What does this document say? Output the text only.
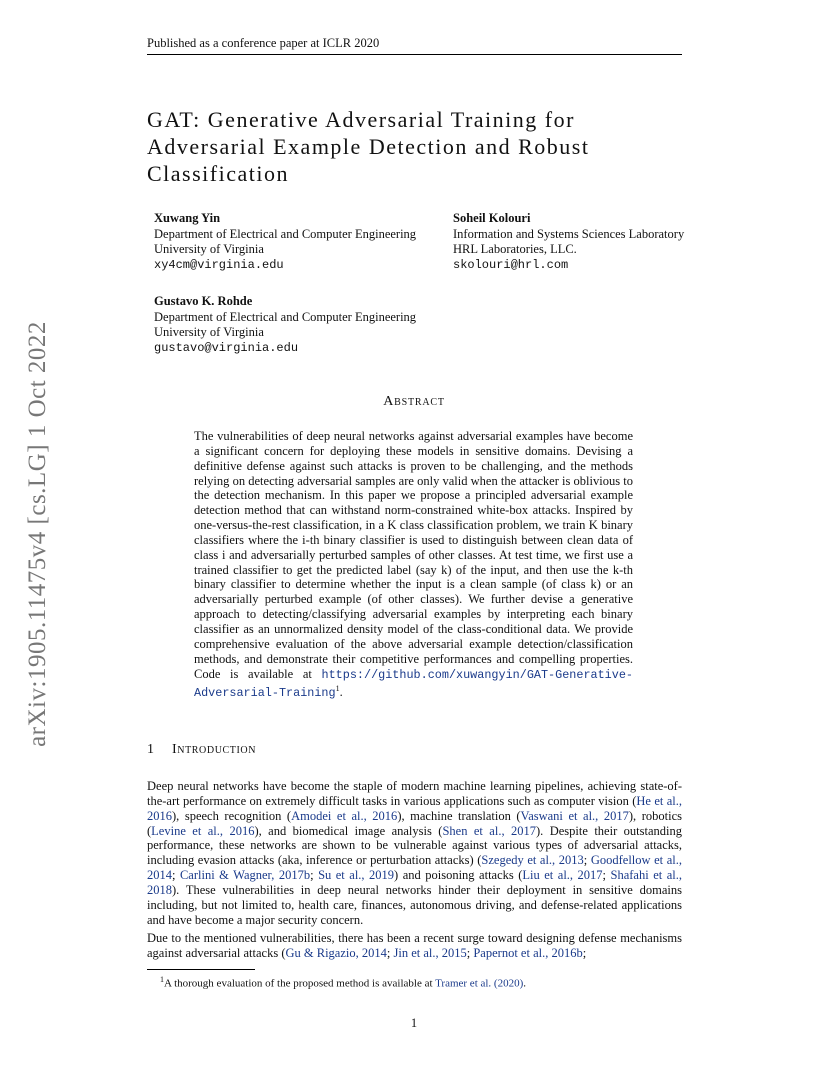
Published as a conference paper at ICLR 2020
arXiv:1905.11475v4 [cs.LG] 1 Oct 2022
GAT: Generative Adversarial Training for
Adversarial Example Detection and Robust
Classification
Xuwang Yin
Department of Electrical and Computer Engineering
University of Virginia
xy4cm@virginia.edu
Soheil Kolouri
Information and Systems Sciences Laboratory
HRL Laboratories, LLC.
skolouri@hrl.com
Gustavo K. Rohde
Department of Electrical and Computer Engineering
University of Virginia
gustavo@virginia.edu
Abstract
The vulnerabilities of deep neural networks against adversarial examples have become a significant concern for deploying these models in sensitive domains. Devising a definitive defense against such attacks is proven to be challenging, and the methods relying on detecting adversarial samples are only valid when the attacker is oblivious to the detection mechanism. In this paper we propose a principled adversarial example detection method that can withstand norm-constrained white-box attacks. Inspired by one-versus-the-rest classification, in a K class classification problem, we train K binary classifiers where the i-th binary classifier is used to distinguish between clean data of class i and adversarially perturbed samples of other classes. At test time, we first use a trained classifier to get the predicted label (say k) of the input, and then use the k-th binary classifier to determine whether the input is a clean sample (of class k) or an adversarially perturbed example (of other classes). We further devise a generative approach to detecting/classifying adversarial examples by interpreting each binary classifier as an unnormalized density model of the class-conditional data. We provide comprehensive evaluation of the above adversarial example detection/classification methods, and demonstrate their competitive performances and compelling properties. Code is available at https://github.com/xuwangyin/GAT-Generative-Adversarial-Training$^1$.
1 Introduction
Deep neural networks have become the staple of modern machine learning pipelines, achieving state-of-the-art performance on extremely difficult tasks in various applications such as computer vision (He et al., 2016), speech recognition (Amodei et al., 2016), machine translation (Vaswani et al., 2017), robotics (Levine et al., 2016), and biomedical image analysis (Shen et al., 2017). Despite their outstanding performance, these networks are shown to be vulnerable against various types of adversarial attacks, including evasion attacks (aka, inference or perturbation attacks) (Szegedy et al., 2013; Goodfellow et al., 2014; Carlini & Wagner, 2017b; Su et al., 2019) and poisoning attacks (Liu et al., 2017; Shafahi et al., 2018). These vulnerabilities in deep neural networks hinder their deployment in sensitive domains including, but not limited to, health care, finances, autonomous driving, and defense-related applications and have become a major security concern.
Due to the mentioned vulnerabilities, there has been a recent surge toward designing defense mechanisms against adversarial attacks (Gu & Rigazio, 2014; Jin et al., 2015; Papernot et al., 2016b;
$^1$A thorough evaluation of the proposed method is available at Tramer et al. (2020).
1
